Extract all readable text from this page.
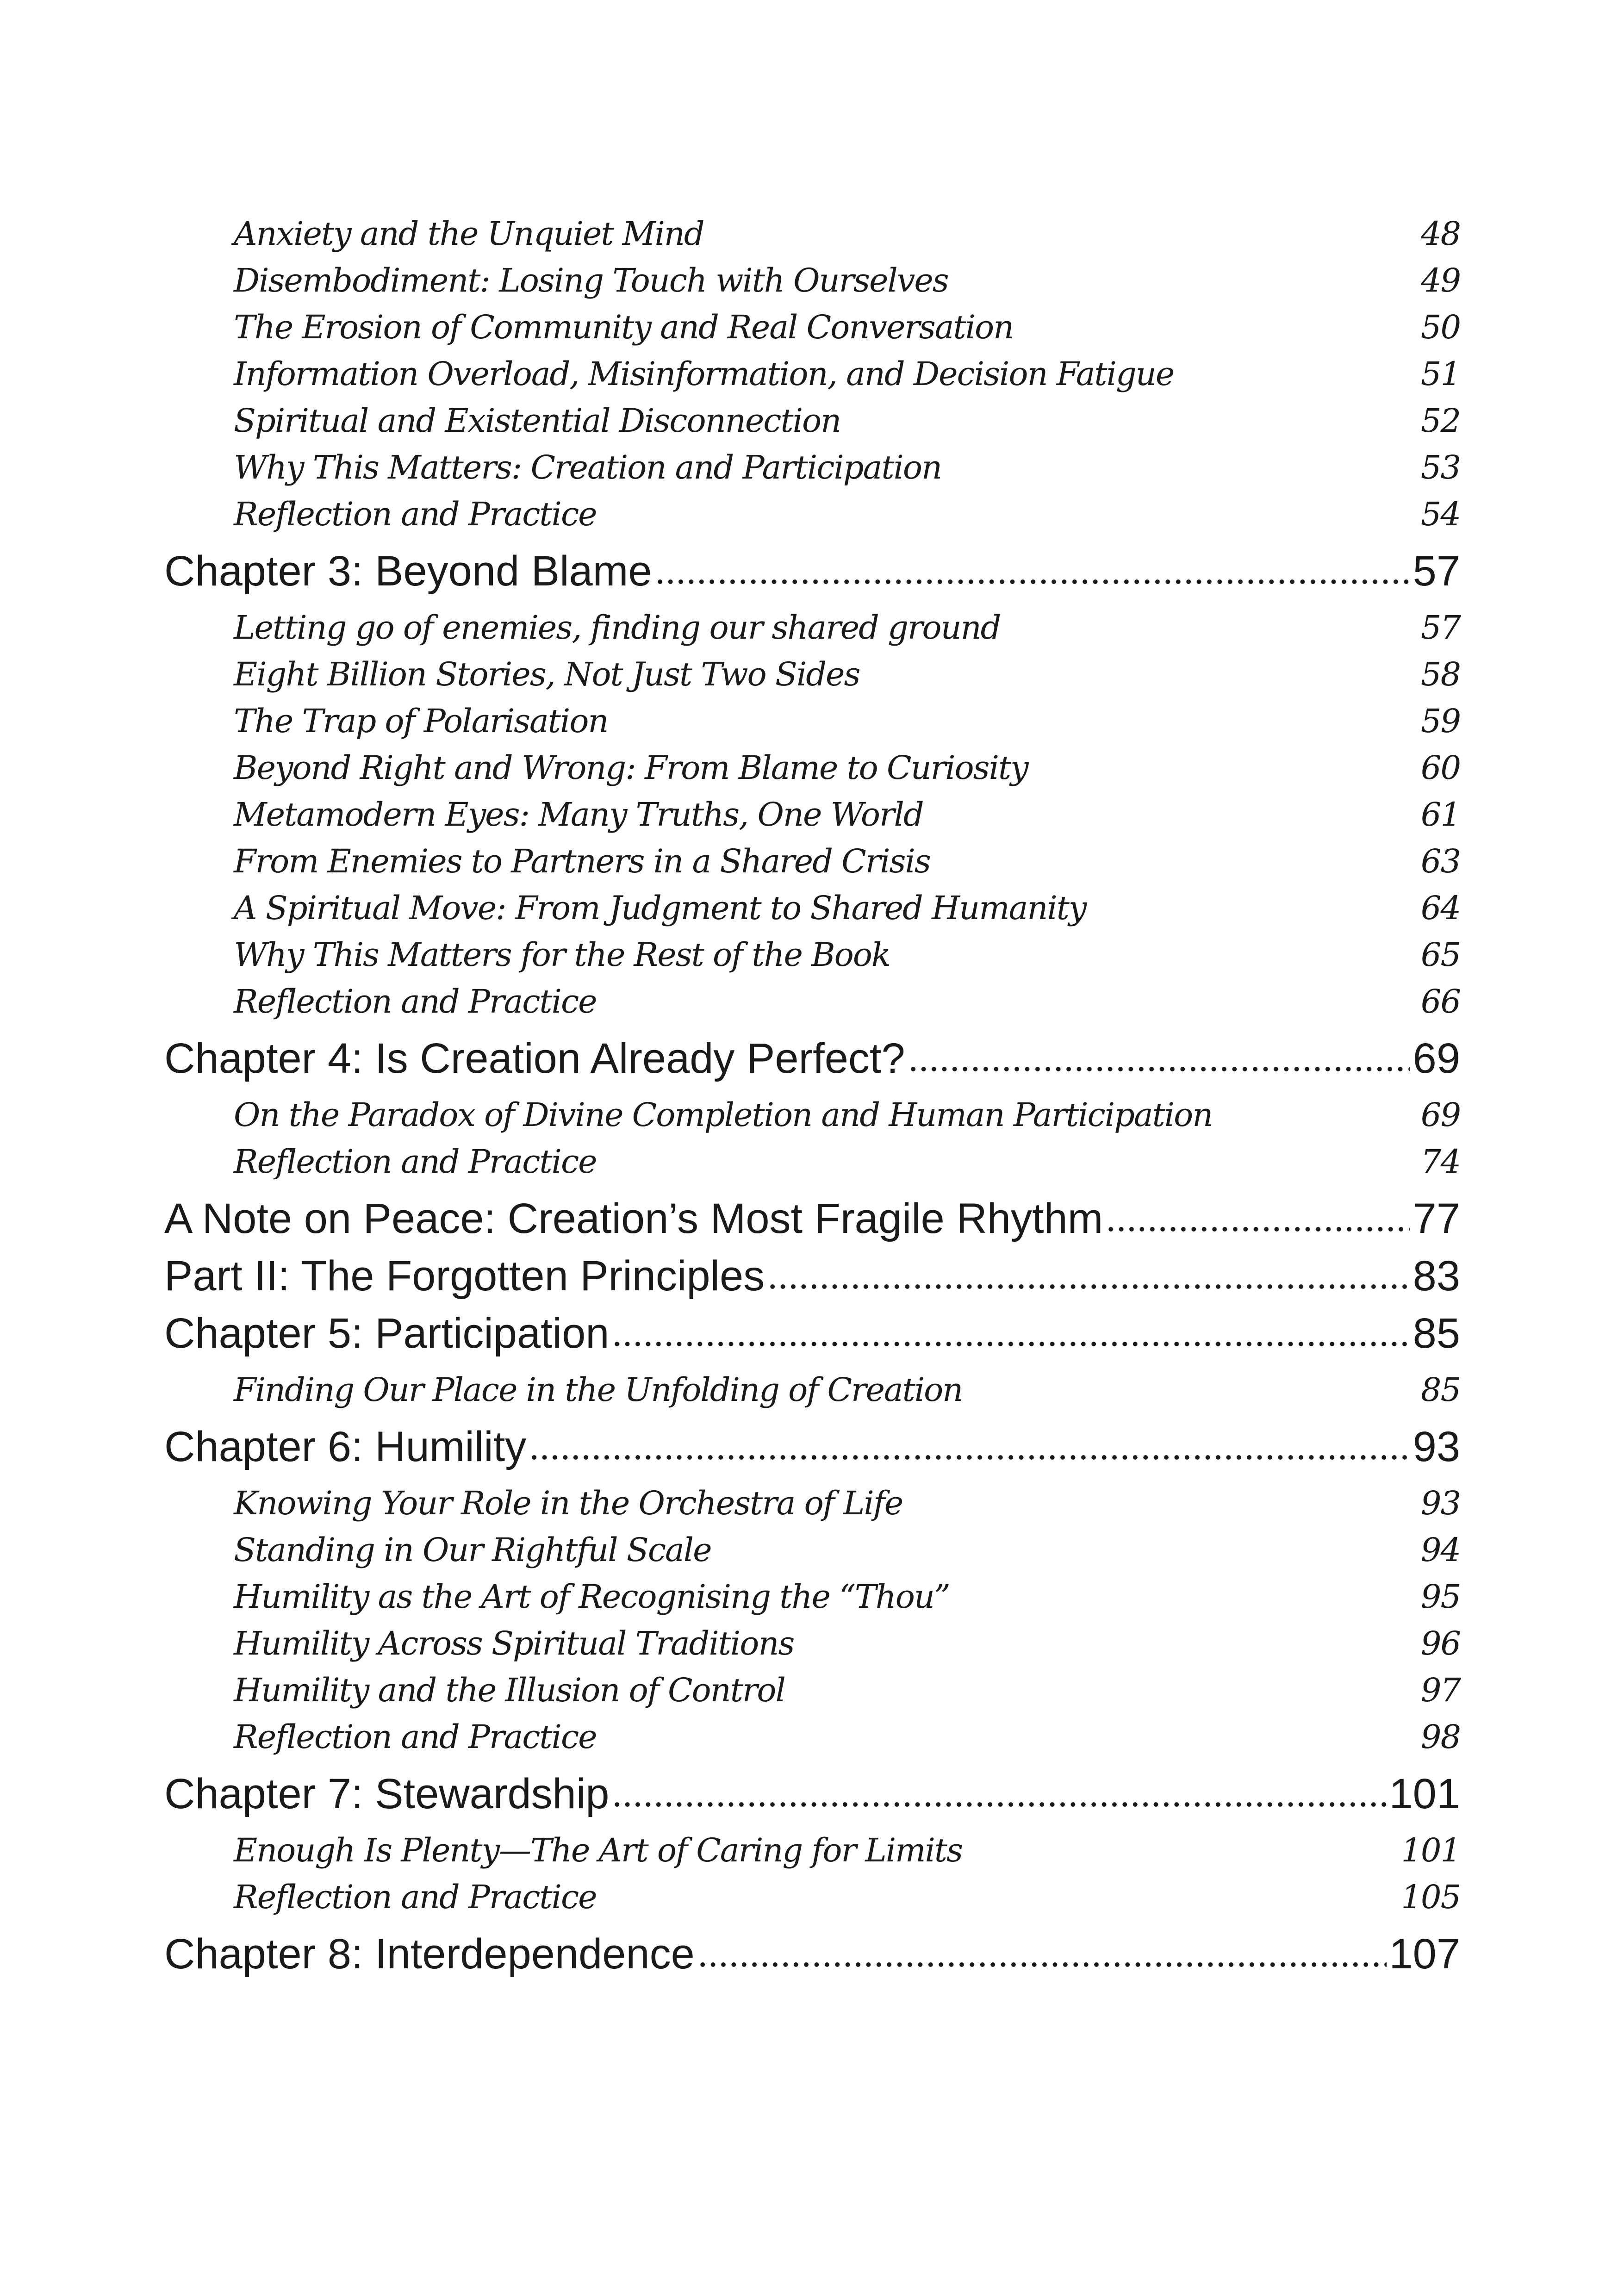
Anxiety and the Unquiet Mind	48
Disembodiment: Losing Touch with Ourselves	49
The Erosion of Community and Real Conversation	50
Information Overload, Misinformation, and Decision Fatigue	51
Spiritual and Existential Disconnection	52
Why This Matters: Creation and Participation	53
Reflection and Practice	54
Chapter 3: Beyond Blame	57
Letting go of enemies, finding our shared ground	57
Eight Billion Stories, Not Just Two Sides	58
The Trap of Polarisation	59
Beyond Right and Wrong: From Blame to Curiosity	60
Metamodern Eyes: Many Truths, One World	61
From Enemies to Partners in a Shared Crisis	63
A Spiritual Move: From Judgment to Shared Humanity	64
Why This Matters for the Rest of the Book	65
Reflection and Practice	66
Chapter 4: Is Creation Already Perfect?	69
On the Paradox of Divine Completion and Human Participation	69
Reflection and Practice	74
A Note on Peace: Creation’s Most Fragile Rhythm	77
Part II: The Forgotten Principles	83
Chapter 5: Participation	85
Finding Our Place in the Unfolding of Creation	85
Chapter 6: Humility	93
Knowing Your Role in the Orchestra of Life	93
Standing in Our Rightful Scale	94
Humility as the Art of Recognising the “Thou”	95
Humility Across Spiritual Traditions	96
Humility and the Illusion of Control	97
Reflection and Practice	98
Chapter 7: Stewardship	101
Enough Is Plenty—The Art of Caring for Limits	101
Reflection and Practice	105
Chapter 8: Interdependence	107
